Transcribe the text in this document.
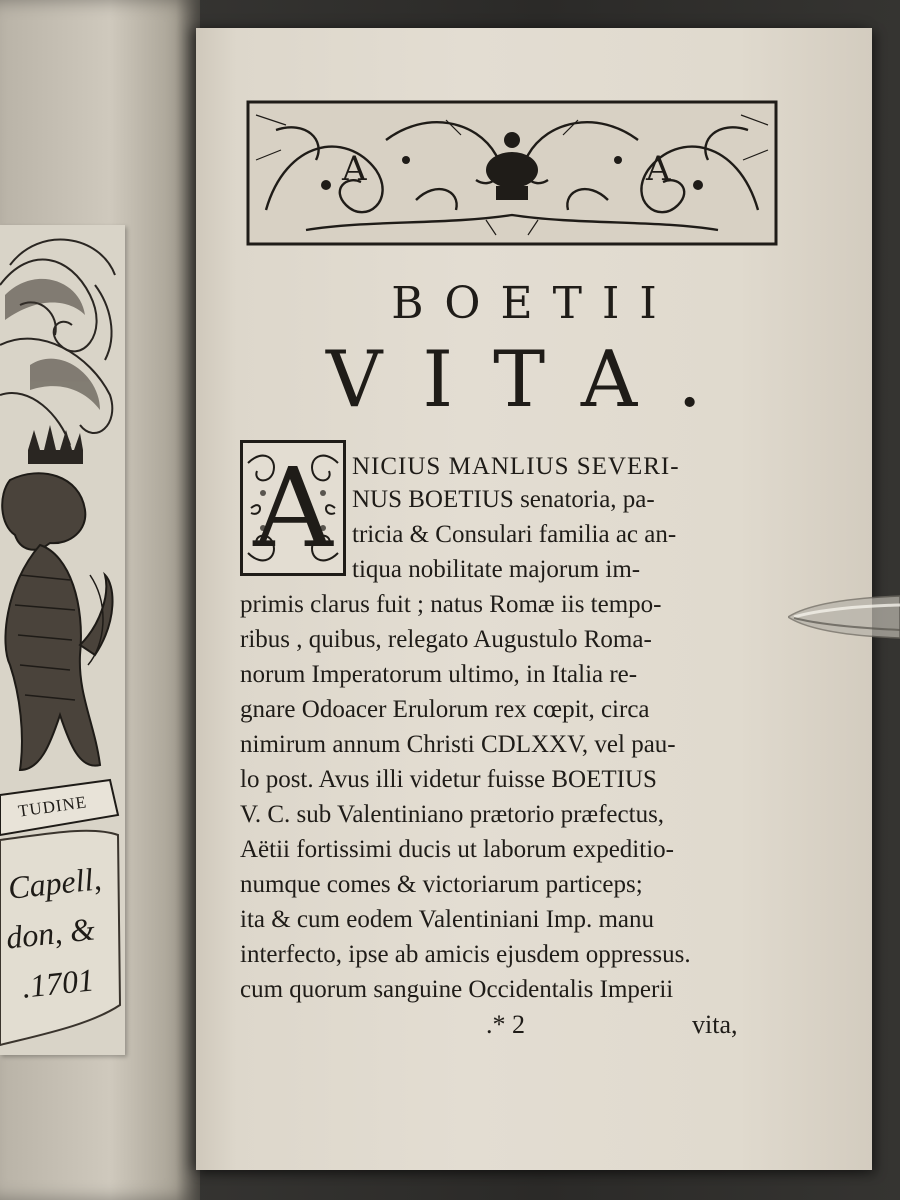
TUDINE
Capell,
don, &
.1701
A	A
BOETII
VITA.
A NICIUS MANLIUS SEVERI-

NUS BOETIUS senatoria, pa-

tricia & Consulari familia ac an-

tiqua nobilitate majorum im-

primis clarus fuit ; natus Romæ iis tempo-

ribus , quibus, relegato Augustulo Roma-

norum Imperatorum ultimo, in Italia re-

gnare Odoacer Erulorum rex cœpit, circa

nimirum annum Christi CDLXXV, vel pau-

lo post. Avus illi videtur fuisse BOETIUS

V. C. sub Valentiniano prætorio præfectus,

Aëtii fortissimi ducis ut laborum expeditio-

numque comes & victoriarum particeps;

ita & cum eodem Valentiniani Imp. manu

interfecto, ipse ab amicis ejusdem oppressus.

cum quorum sanguine Occidentalis Imperii

.* 2	vita,
